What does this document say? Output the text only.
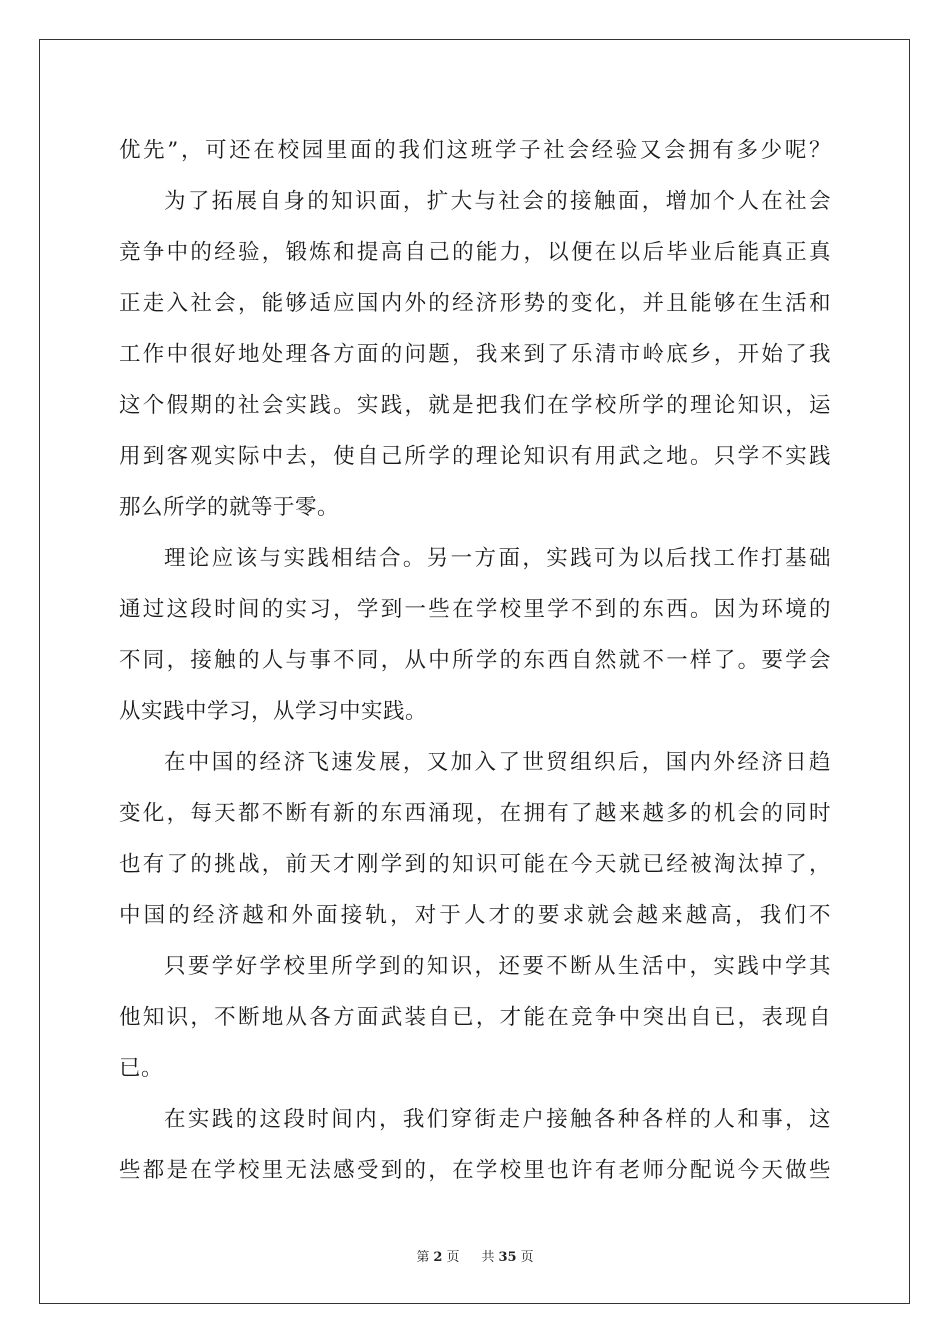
优先”，可还在校园里面的我们这班学子社会经验又会拥有多少呢？
为了拓展自身的知识面，扩大与社会的接触面，增加个人在社会
竞争中的经验，锻炼和提高自己的能力，以便在以后毕业后能真正真
正走入社会，能够适应国内外的经济形势的变化，并且能够在生活和
工作中很好地处理各方面的问题，我来到了乐清市岭底乡，开始了我
这个假期的社会实践。实践，就是把我们在学校所学的理论知识，运
用到客观实际中去，使自己所学的理论知识有用武之地。只学不实践
那么所学的就等于零。
理论应该与实践相结合。另一方面，实践可为以后找工作打基础
通过这段时间的实习，学到一些在学校里学不到的东西。因为环境的
不同，接触的人与事不同，从中所学的东西自然就不一样了。要学会
从实践中学习，从学习中实践。
在中国的经济飞速发展，又加入了世贸组织后，国内外经济日趋
变化，每天都不断有新的东西涌现，在拥有了越来越多的机会的同时
也有了的挑战，前天才刚学到的知识可能在今天就已经被淘汰掉了，
中国的经济越和外面接轨，对于人才的要求就会越来越高，我们不
只要学好学校里所学到的知识，还要不断从生活中，实践中学其
他知识，不断地从各方面武装自已，才能在竞争中突出自已，表现自
已。
在实践的这段时间内，我们穿街走户接触各种各样的人和事，这
些都是在学校里无法感受到的，在学校里也许有老师分配说今天做些
第 2 页 共 35 页
